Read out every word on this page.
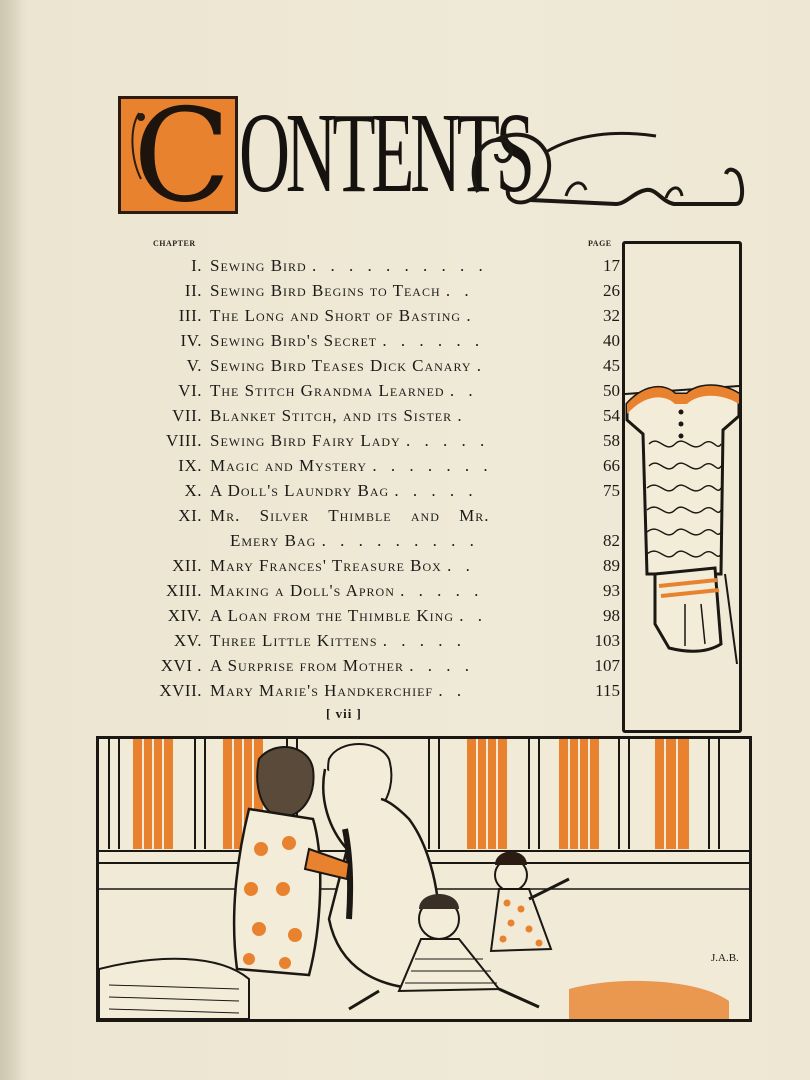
C ONTENTS
CHAPTER	PAGE
I. Sewing Bird . . . . . . . . . .	17
II. Sewing Bird Begins to Teach . .	26
III. The Long and Short of Basting .	32
IV. Sewing Bird's Secret . . . . . .	40
V. Sewing Bird Teases Dick Canary .	45
VI. The Stitch Grandma Learned . .	50
VII. Blanket Stitch, and its Sister .	54
VIII. Sewing Bird Fairy Lady . . . . .	58
IX. Magic and Mystery . . . . . . .	66
X. A Doll's Laundry Bag . . . . .	75
XI. Mr. Silver Thimble and Mr.
Emery Bag . . . . . . . . .	82
XII. Mary Frances' Treasure Box . .	89
XIII. Making a Doll's Apron . . . . .	93
XIV. A Loan from the Thimble King . .	98
XV. Three Little Kittens . . . . .	103
XVI . A Surprise from Mother . . . .	107
XVII. Mary Marie's Handkerchief . .	115
[ vii ]
J.A.B.
